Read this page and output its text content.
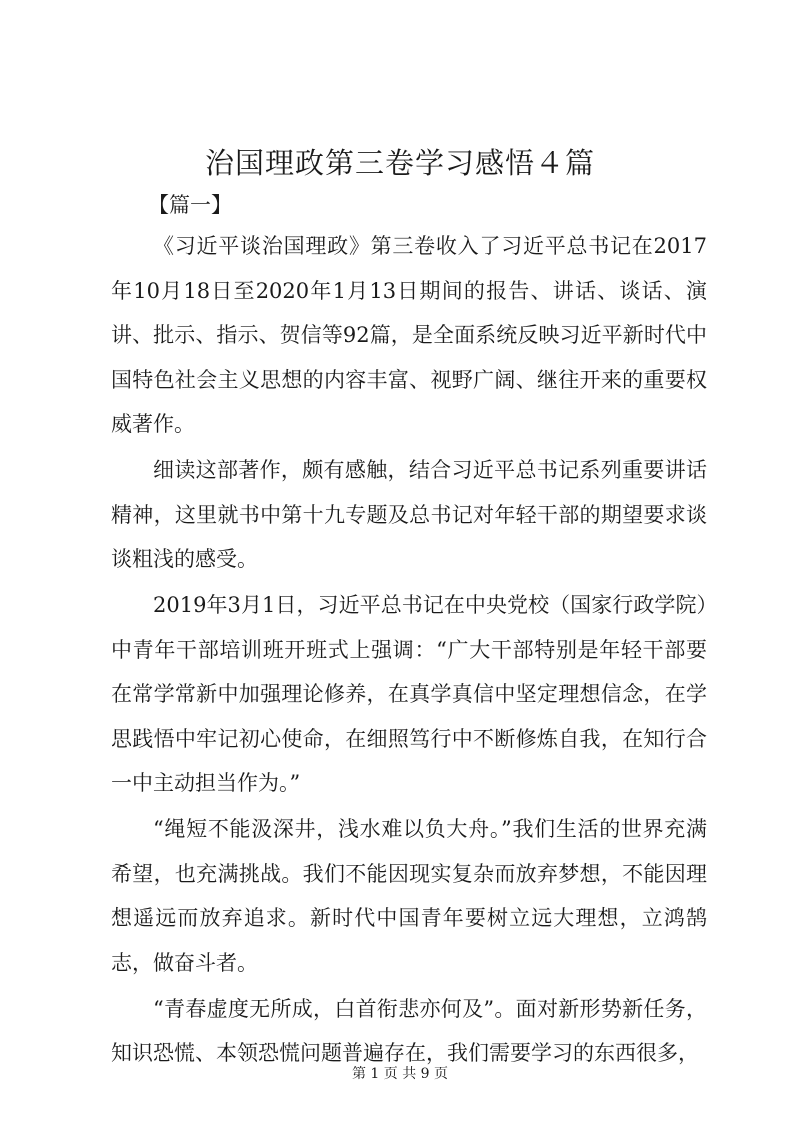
治国理政第三卷学习感悟４篇
【篇一】

《习近平谈治国理政》第三卷收入了习近平总书记在2017年10月18日至2020年1月13日期间的报告、讲话、谈话、演讲、批示、指示、贺信等92篇，是全面系统反映习近平新时代中国特色社会主义思想的内容丰富、视野广阔、继往开来的重要权威著作。

细读这部著作，颇有感触，结合习近平总书记系列重要讲话精神，这里就书中第十九专题及总书记对年轻干部的期望要求谈谈粗浅的感受。

2019年3月1日，习近平总书记在中央党校（国家行政学院）中青年干部培训班开班式上强调：“广大干部特别是年轻干部要在常学常新中加强理论修养，在真学真信中坚定理想信念，在学思践悟中牢记初心使命，在细照笃行中不断修炼自我，在知行合一中主动担当作为。”

“绳短不能汲深井，浅水难以负大舟。”我们生活的世界充满希望，也充满挑战。我们不能因现实复杂而放弃梦想，不能因理想遥远而放弃追求。新时代中国青年要树立远大理想，立鸿鹄志，做奋斗者。

“青春虚度无所成，白首衔悲亦何及”。面对新形势新任务，知识恐慌、本领恐慌问题普遍存在，我们需要学习的东西很多，

第 1 页 共 9 页
